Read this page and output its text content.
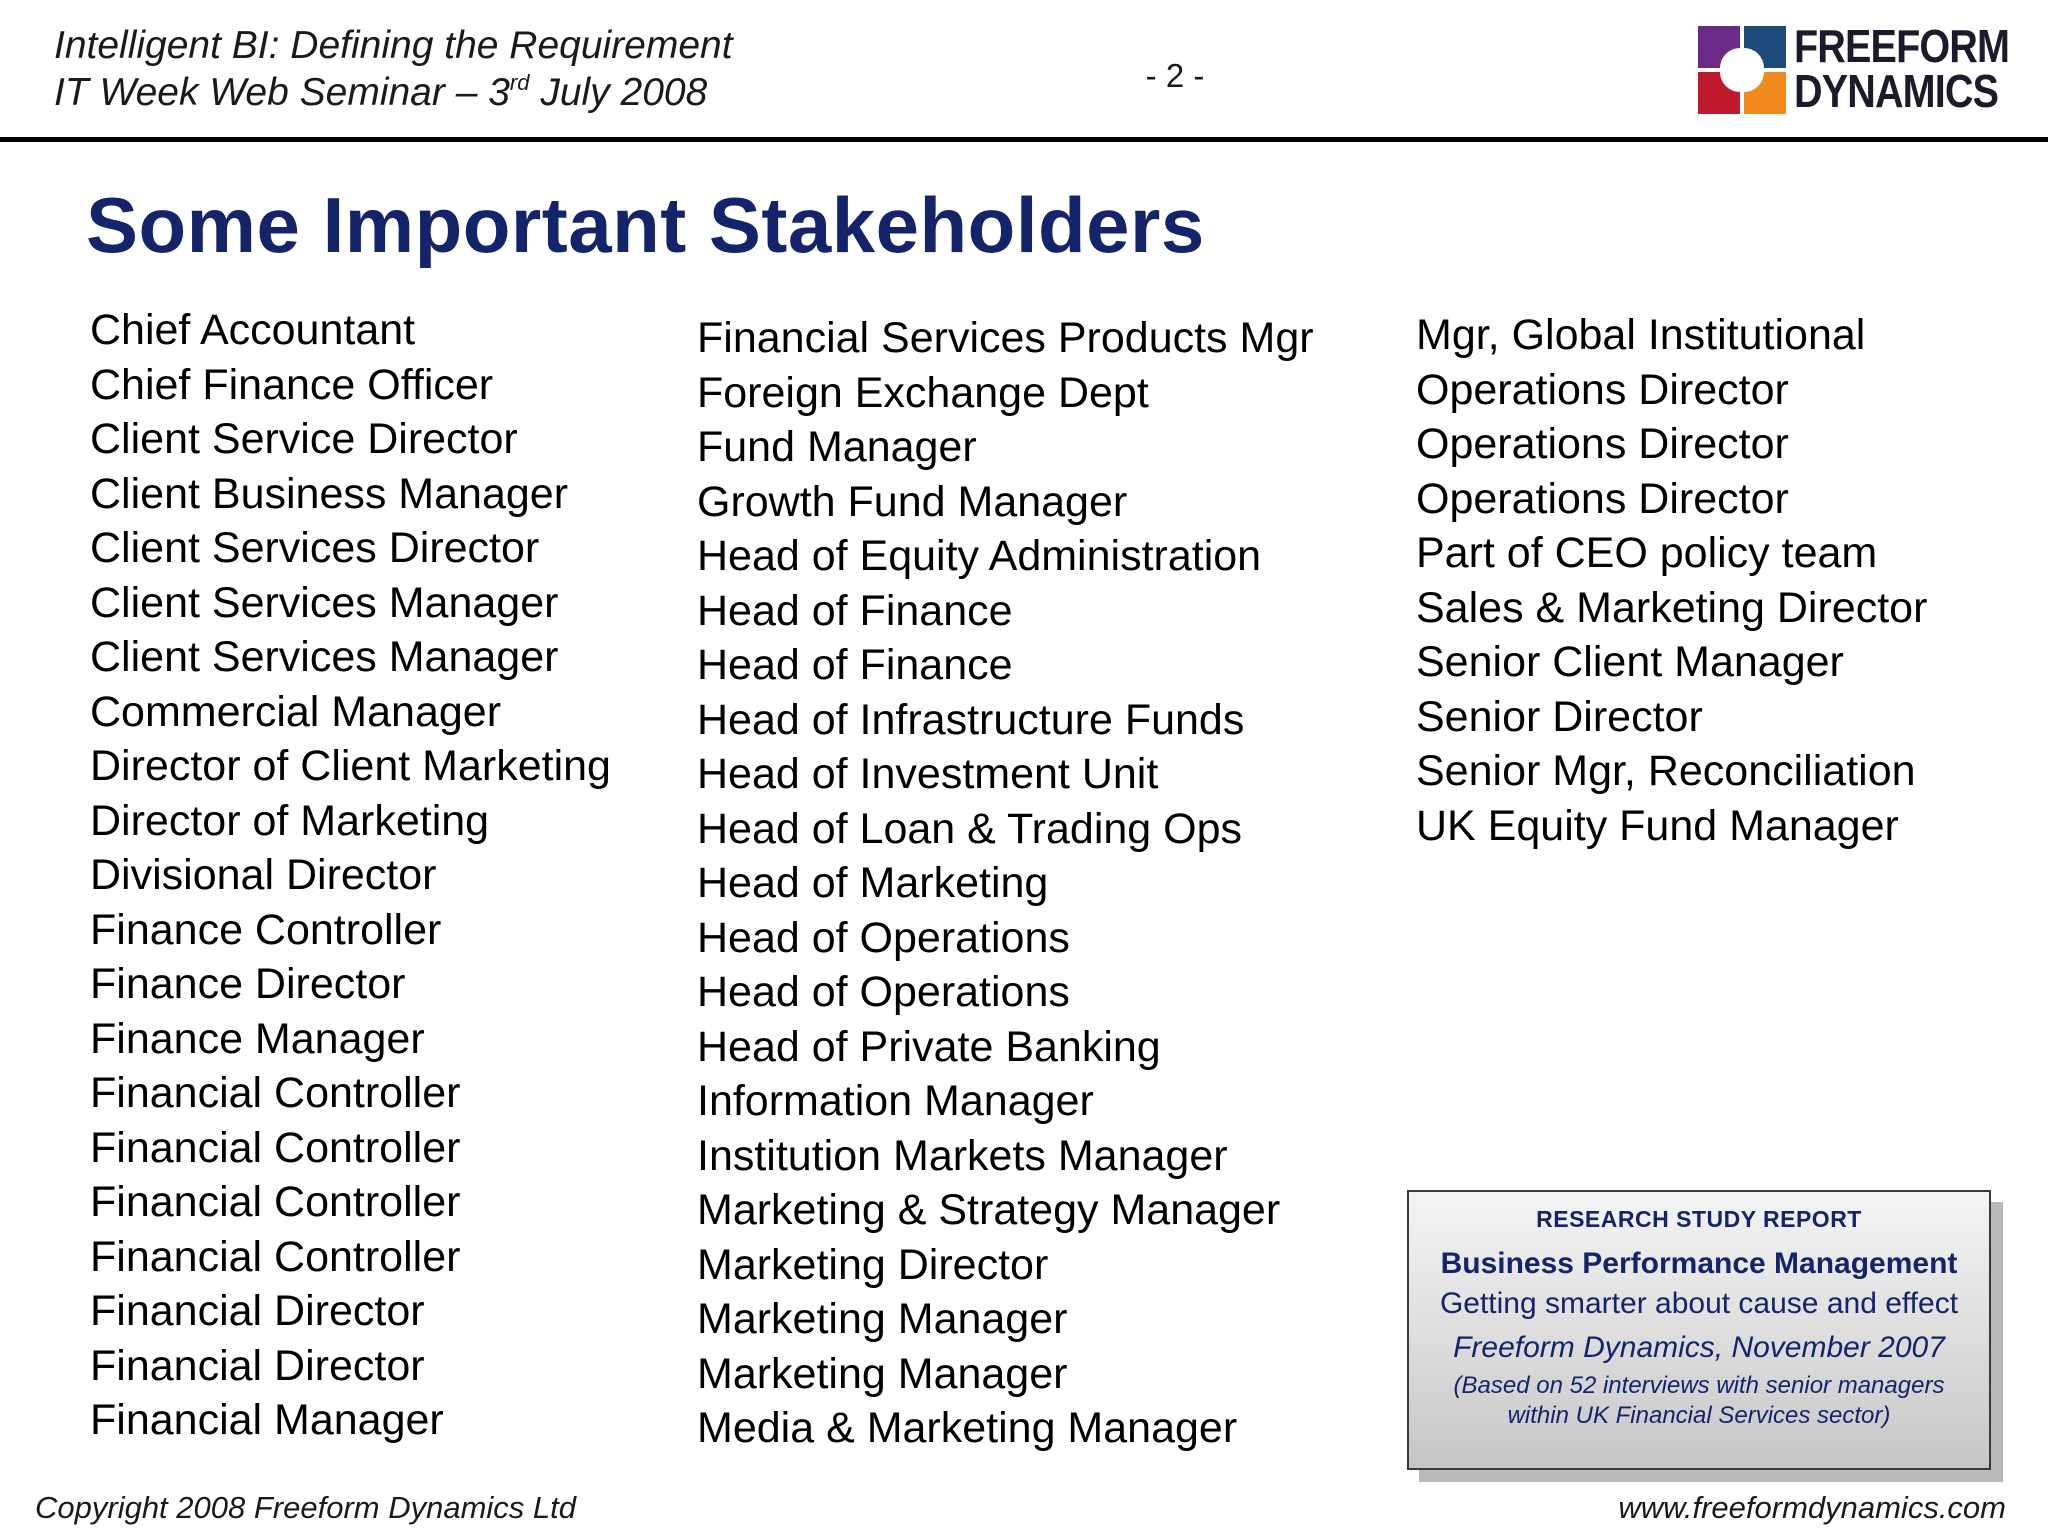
Intelligent BI: Defining the Requirement
IT Week Web Seminar – 3rd July 2008	- 2 -
FREEFORM
DYNAMICS
Some Important Stakeholders
Chief Accountant
Chief Finance Officer
Client Service Director
Client Business Manager
Client Services Director
Client Services Manager
Client Services Manager
Commercial Manager
Director of Client Marketing
Director of Marketing
Divisional Director
Finance Controller
Finance Director
Finance Manager
Financial Controller
Financial Controller
Financial Controller
Financial Controller
Financial Director
Financial Director
Financial Manager
Financial Services Products Mgr
Foreign Exchange Dept
Fund Manager
Growth Fund Manager
Head of Equity Administration
Head of Finance
Head of Finance
Head of Infrastructure Funds
Head of Investment Unit
Head of Loan & Trading Ops
Head of Marketing
Head of Operations
Head of Operations
Head of Private Banking
Information Manager
Institution Markets Manager
Marketing & Strategy Manager
Marketing Director
Marketing Manager
Marketing Manager
Media & Marketing Manager
Mgr, Global Institutional
Operations Director
Operations Director
Operations Director
Part of CEO policy team
Sales & Marketing Director
Senior Client Manager
Senior Director
Senior Mgr, Reconciliation
UK Equity Fund Manager
RESEARCH STUDY REPORT
Business Performance Management
Getting smarter about cause and effect
Freeform Dynamics, November 2007
(Based on 52 interviews with senior managers within UK Financial Services sector)
Copyright 2008 Freeform Dynamics Ltd	www.freeformdynamics.com
